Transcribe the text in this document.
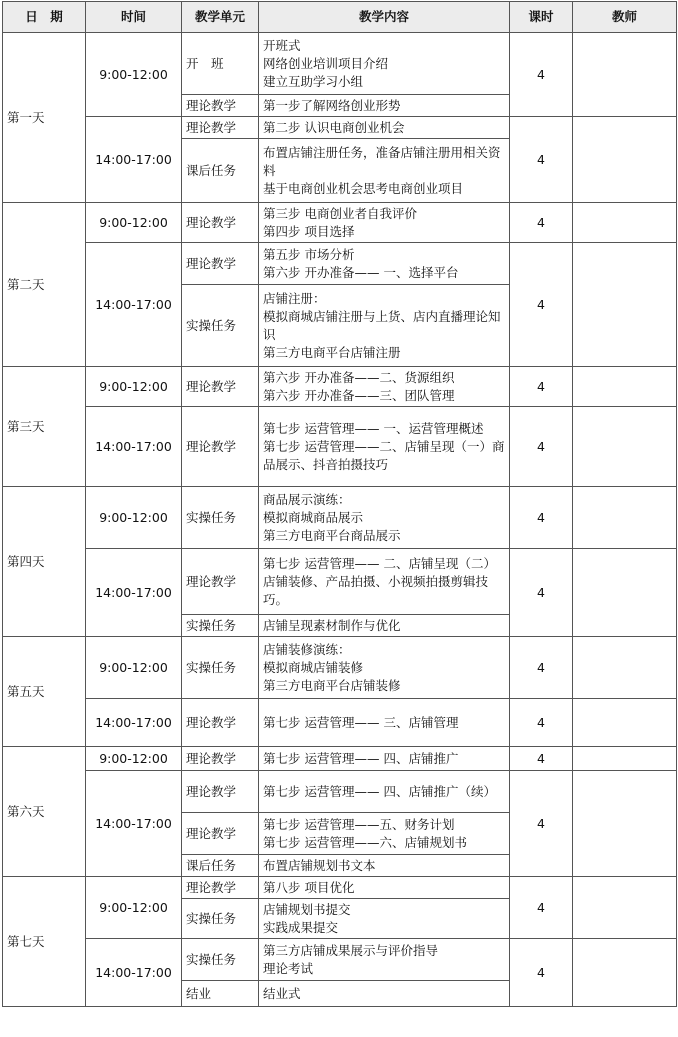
日　期	时间	教学单元	教学内容	课时	教师
第一天	9:00-12:00	开　班	开班式
网络创业培训项目介绍
建立互助学习小组	4	
		理论教学	第一步了解网络创业形势		

	14:00-17:00	理论教学	第二步 认识电商创业机会	4	
		课后任务	布置店铺注册任务，准备店铺注册用相关资料
基于电商创业机会思考电商创业项目		

第二天	9:00-12:00	理论教学	第三步 电商创业者自我评价
第四步 项目选择	4	
	14:00-17:00	理论教学	第五步 市场分析
第六步 开办准备—— 一、选择平台	4	
		实操任务	店铺注册：
模拟商城店铺注册与上货、店内直播理论知识
第三方电商平台店铺注册		

第三天	9:00-12:00	理论教学	第六步 开办准备——二、货源组织
第六步 开办准备——三、团队管理	4	
	14:00-17:00	理论教学	第七步 运营管理—— 一、运营管理概述
第七步 运营管理——二、店铺呈现（一）商品展示、抖音拍摄技巧	4	
第四天	9:00-12:00	实操任务	商品展示演练：
模拟商城商品展示
第三方电商平台商品展示	4	
	14:00-17:00	理论教学	第七步 运营管理—— 二、店铺呈现（二）店铺装修、产品拍摄、小视频拍摄剪辑技巧。	4	
		实操任务	店铺呈现素材制作与优化		

第五天	9:00-12:00	实操任务	店铺装修演练：
模拟商城店铺装修
第三方电商平台店铺装修	4	
	14:00-17:00	理论教学	第七步 运营管理—— 三、店铺管理	4	
第六天	9:00-12:00	理论教学	第七步 运营管理—— 四、店铺推广	4	
	14:00-17:00	理论教学	第七步 运营管理—— 四、店铺推广（续）	4	
		理论教学	第七步 运营管理——五、财务计划
第七步 运营管理——六、店铺规划书		

		课后任务	布置店铺规划书文本		

第七天	9:00-12:00	理论教学	第八步 项目优化	4	
		实操任务	店铺规划书提交
实践成果提交		

	14:00-17:00	实操任务	第三方店铺成果展示与评价指导
理论考试	4	
		结业	结业式		
